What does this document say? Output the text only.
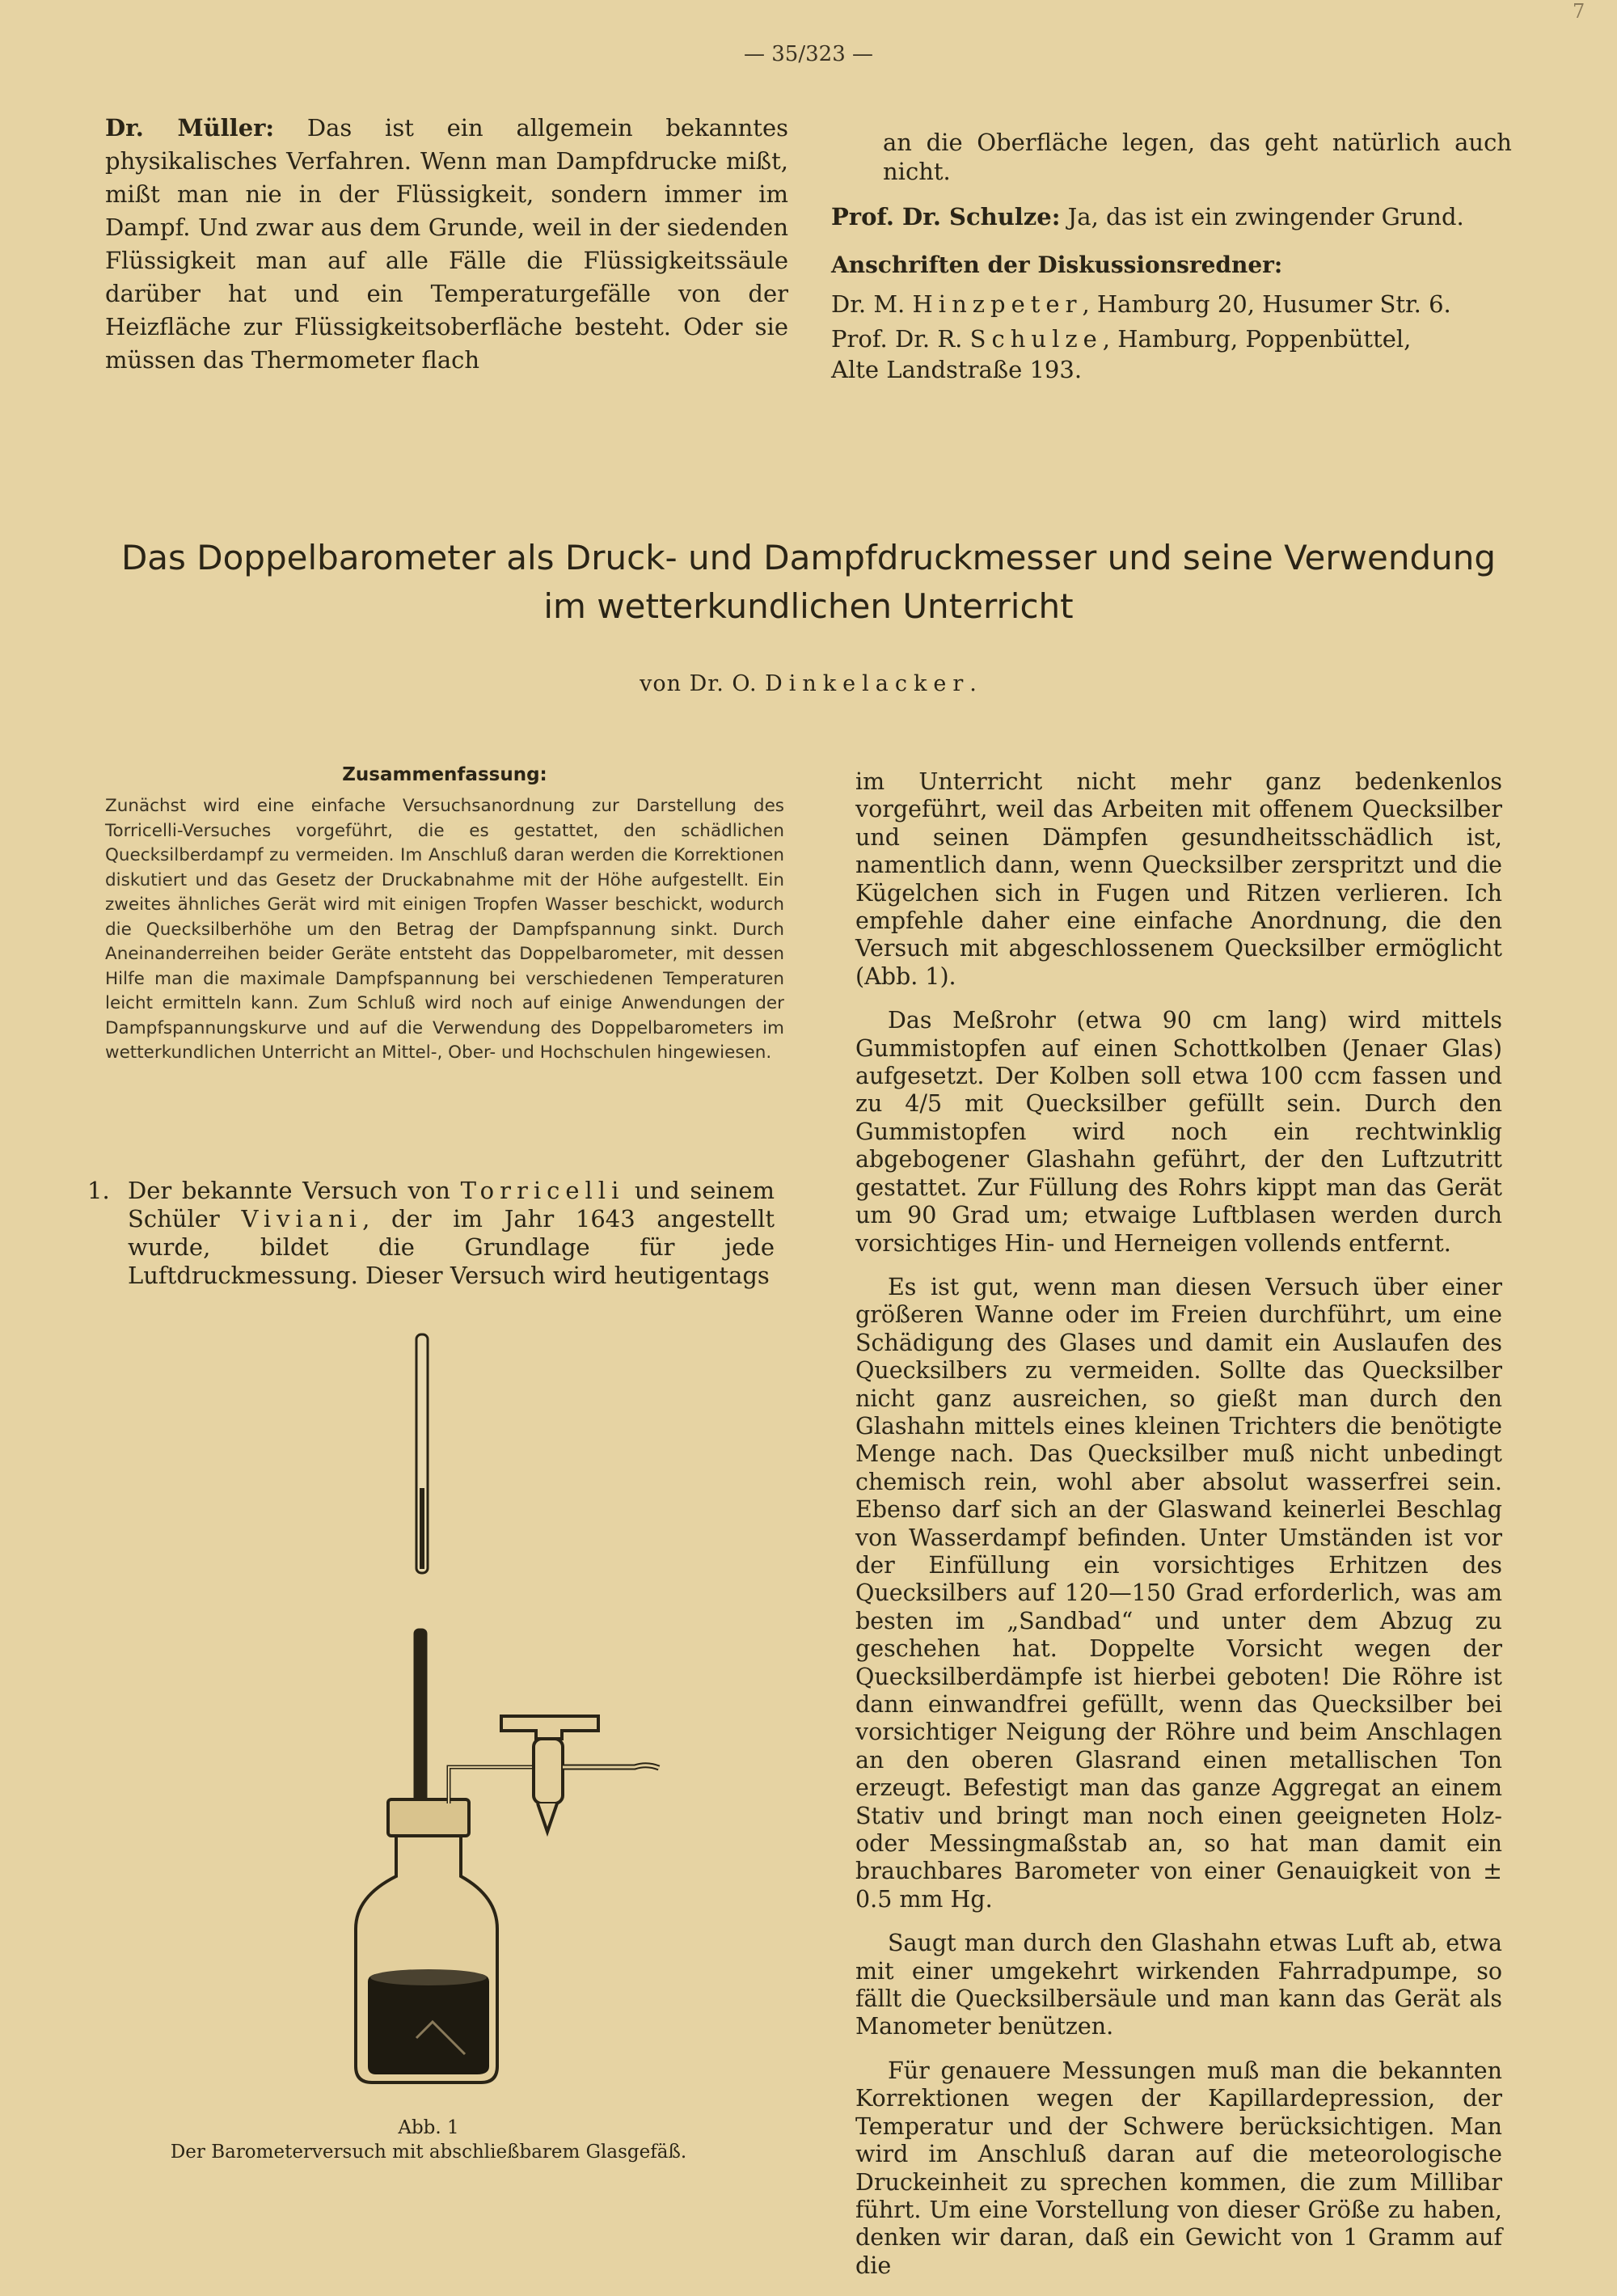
— 35/323 —
7

Dr. Müller: Das ist ein allgemein bekanntes physikalisches Verfahren. Wenn man Dampfdrucke mißt, mißt man nie in der Flüssigkeit, sondern immer im Dampf. Und zwar aus dem Grunde, weil in der siedenden Flüssigkeit man auf alle Fälle die Flüssigkeitssäule darüber hat und ein Temperaturgefälle von der Heizfläche zur Flüssigkeitsoberfläche besteht. Oder sie müssen das Thermometer flach

an die Oberfläche legen, das geht natürlich auch nicht.

Prof. Dr. Schulze: Ja, das ist ein zwingender Grund.

Anschriften der Diskussionsredner:

Dr. M. Hinzpeter, Hamburg 20, Husumer Str. 6.

Prof. Dr. R. Schulze, Hamburg, Poppenbüttel,

Alte Landstraße 193.

Das Doppelbarometer als Druck- und Dampfdruckmesser und seine Verwendung
im wetterkundlichen Unterricht
von Dr. O. Dinkelacker.
Zusammenfassung:
Zunächst wird eine einfache Versuchsanordnung zur Darstellung des Torricelli-Versuches vorgeführt, die es gestattet, den schädlichen Quecksilberdampf zu vermeiden. Im Anschluß daran werden die Korrektionen diskutiert und das Gesetz der Druckabnahme mit der Höhe aufgestellt. Ein zweites ähnliches Gerät wird mit einigen Tropfen Wasser beschickt, wodurch die Quecksilberhöhe um den Betrag der Dampfspannung sinkt. Durch Aneinanderreihen beider Geräte entsteht das Doppelbarometer, mit dessen Hilfe man die maximale Dampfspannung bei verschiedenen Temperaturen leicht ermitteln kann. Zum Schluß wird noch auf einige Anwendungen der Dampfspannungskurve und auf die Verwendung des Doppelbarometers im wetterkundlichen Unterricht an Mittel-, Ober- und Hochschulen hingewiesen.
1. Der bekannte Versuch von Torricelli und seinem Schüler Viviani, der im Jahr 1643 angestellt wurde, bildet die Grundlage für jede Luftdruckmessung. Dieser Versuch wird heutigentags
Abb. 1
Der Barometerversuch mit abschließbarem Glasgefäß.

im Unterricht nicht mehr ganz bedenkenlos vorgeführt, weil das Arbeiten mit offenem Quecksilber und seinen Dämpfen gesundheitsschädlich ist, namentlich dann, wenn Quecksilber zerspritzt und die Kügelchen sich in Fugen und Ritzen verlieren. Ich empfehle daher eine einfache Anordnung, die den Versuch mit abgeschlossenem Quecksilber ermöglicht (Abb. 1).

Das Meßrohr (etwa 90 cm lang) wird mittels Gummistopfen auf einen Schottkolben (Jenaer Glas) aufgesetzt. Der Kolben soll etwa 100 ccm fassen und zu 4/5 mit Quecksilber gefüllt sein. Durch den Gummistopfen wird noch ein rechtwinklig abgebogener Glashahn geführt, der den Luftzutritt gestattet. Zur Füllung des Rohrs kippt man das Gerät um 90 Grad um; etwaige Luftblasen werden durch vorsichtiges Hin- und Herneigen vollends entfernt.

Es ist gut, wenn man diesen Versuch über einer größeren Wanne oder im Freien durchführt, um eine Schädigung des Glases und damit ein Auslaufen des Quecksilbers zu vermeiden. Sollte das Quecksilber nicht ganz ausreichen, so gießt man durch den Glashahn mittels eines kleinen Trichters die benötigte Menge nach. Das Quecksilber muß nicht unbedingt chemisch rein, wohl aber absolut wasserfrei sein. Ebenso darf sich an der Glaswand keinerlei Beschlag von Wasserdampf befinden. Unter Umständen ist vor der Einfüllung ein vorsichtiges Erhitzen des Quecksilbers auf 120—150 Grad erforderlich, was am besten im „Sandbad“ und unter dem Abzug zu geschehen hat. Doppelte Vorsicht wegen der Quecksilberdämpfe ist hierbei geboten! Die Röhre ist dann einwandfrei gefüllt, wenn das Quecksilber bei vorsichtiger Neigung der Röhre und beim Anschlagen an den oberen Glasrand einen metallischen Ton erzeugt. Befestigt man das ganze Aggregat an einem Stativ und bringt man noch einen geeigneten Holz- oder Messingmaßstab an, so hat man damit ein brauchbares Barometer von einer Genauigkeit von ± 0.5 mm Hg.

Saugt man durch den Glashahn etwas Luft ab, etwa mit einer umgekehrt wirkenden Fahrradpumpe, so fällt die Quecksilbersäule und man kann das Gerät als Manometer benützen.

Für genauere Messungen muß man die bekannten Korrektionen wegen der Kapillardepression, der Temperatur und der Schwere berücksichtigen. Man wird im Anschluß daran auf die meteorologische Druckeinheit zu sprechen kommen, die zum Millibar führt. Um eine Vorstellung von dieser Größe zu haben, denken wir daran, daß ein Gewicht von 1 Gramm auf die
